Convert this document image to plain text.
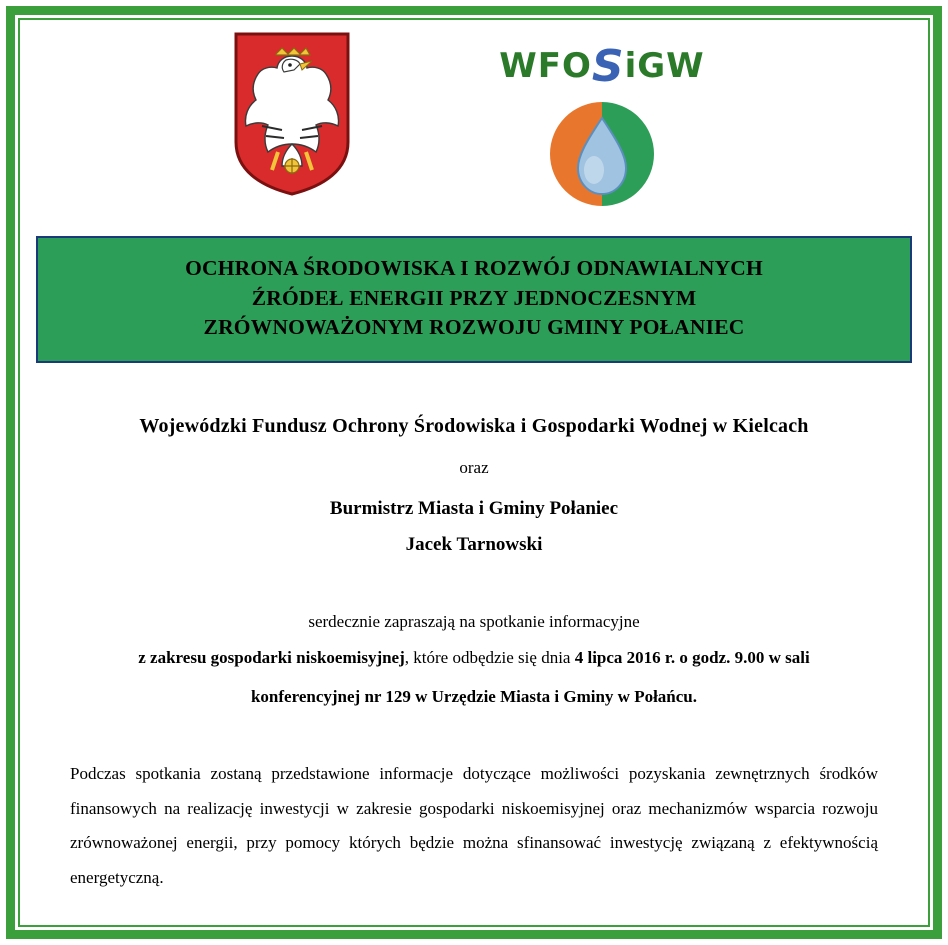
WFOSiGW
OCHRONA ŚRODOWISKA I ROZWÓJ ODNAWIALNYCH
ŹRÓDEŁ ENERGII PRZY JEDNOCZESNYM
ZRÓWNOWAŻONYM ROZWOJU GMINY POŁANIEC
Wojewódzki Fundusz Ochrony Środowiska i Gospodarki Wodnej w Kielcach
oraz
Burmistrz Miasta i Gminy Połaniec
Jacek Tarnowski
serdecznie zapraszają na spotkanie informacyjne
z zakresu gospodarki niskoemisyjnej, które odbędzie się dnia 4 lipca 2016 r. o godz. 9.00 w sali
konferencyjnej nr 129 w Urzędzie Miasta i Gminy w Połańcu.
Podczas spotkania zostaną przedstawione informacje dotyczące możliwości pozyskania zewnętrznych środków finansowych na realizację inwestycji w zakresie gospodarki niskoemisyjnej oraz mechanizmów wsparcia rozwoju zrównoważonej energii, przy pomocy których będzie można sfinansować inwestycję związaną z efektywnością energetyczną.
